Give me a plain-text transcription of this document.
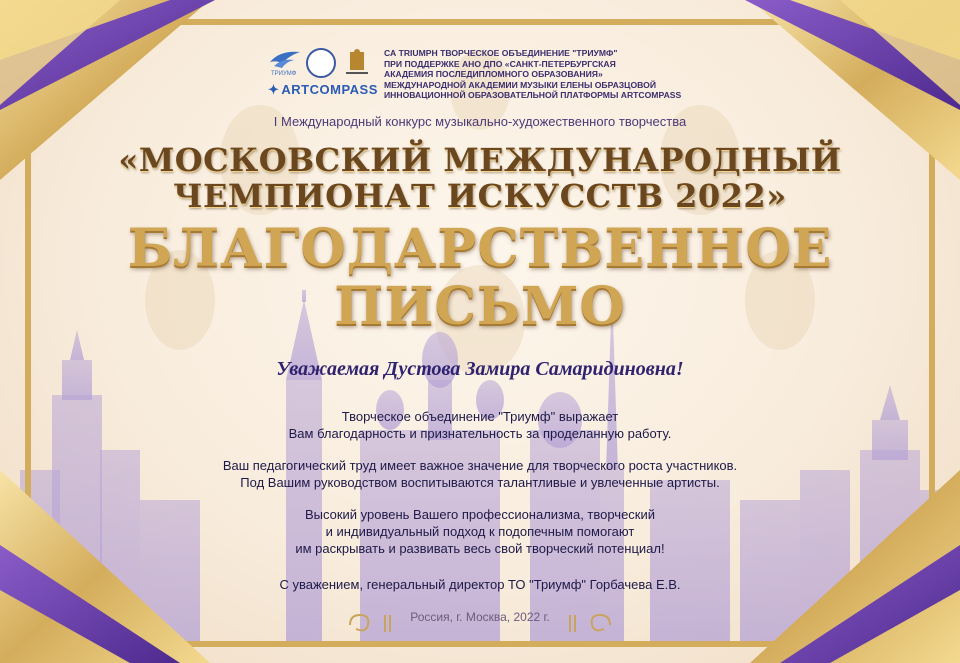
ТРИУМФ
✦ ARTCOMPASS
СА TRIUMPH ТВОРЧЕСКОЕ ОБЪЕДИНЕНИЕ "ТРИУМФ"
ПРИ ПОДДЕРЖКЕ АНО ДПО «САНКТ-ПЕТЕРБУРГСКАЯ
АКАДЕМИЯ ПОСЛЕДИПЛОМНОГО ОБРАЗОВАНИЯ»
МЕЖДУНАРОДНОЙ АКАДЕМИИ МУЗЫКИ ЕЛЕНЫ ОБРАЗЦОВОЙ
ИННОВАЦИОННОЙ ОБРАЗОВАТЕЛЬНОЙ ПЛАТФОРМЫ ARTCOMPASS
I Международный конкурс музыкально-художественного творчества
«МОСКОВСКИЙ МЕЖДУНАРОДНЫЙ
ЧЕМПИОНАТ ИСКУССТВ 2022»
БЛАГОДАРСТВЕННОЕ
ПИСЬМО
Уважаемая Дустова Замира Самаридиновна!

Творческое объединение "Триумф" выражает
Вам благодарность и признательность за проделанную работу.

Ваш педагогический труд имеет важное значение для творческого роста участников.
Под Вашим руководством воспитываются талантливые и увлеченные артисты.

Высокий уровень Вашего профессионализма, творческий
и индивидуальный подход к подопечным помогают
им раскрывать и развивать весь свой творческий потенциал!

С уважением, генеральный директор ТО "Триумф" Горбачева Е.В.
Россия, г. Москва, 2022 г.
